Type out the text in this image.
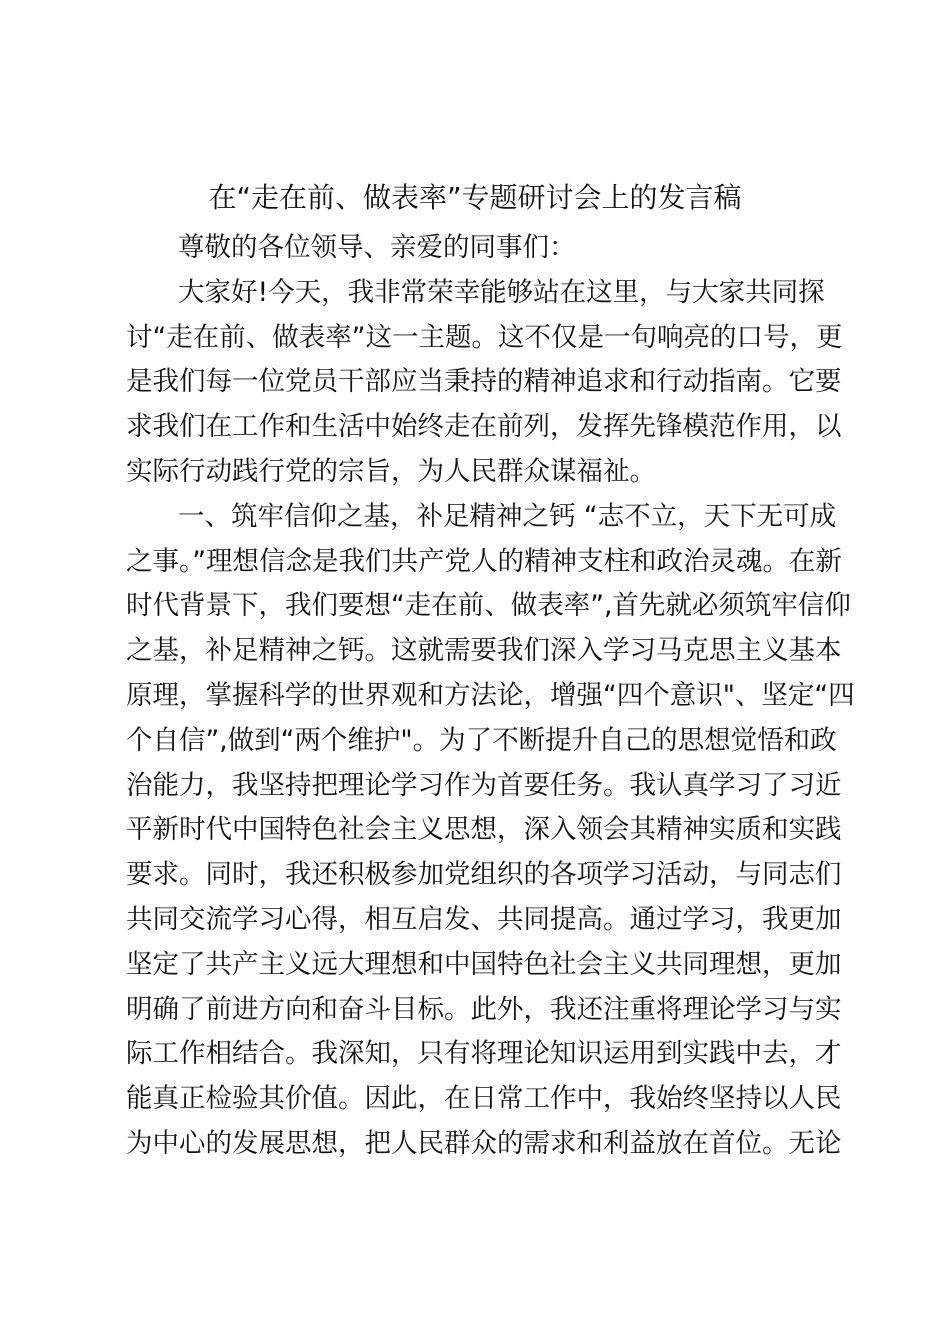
在“走在前、做表率”专题研讨会上的发言稿
尊敬的各位领导、亲爱的同事们：
大家好!今天，我非常荣幸能够站在这里，与大家共同探
讨“走在前、做表率”这一主题。这不仅是一句响亮的口号，更
是我们每一位党员干部应当秉持的精神追求和行动指南。它要
求我们在工作和生活中始终走在前列，发挥先锋模范作用，以
实际行动践行党的宗旨，为人民群众谋福祉。
一、筑牢信仰之基，补足精神之钙 “志不立，天下无可成
之事。”理想信念是我们共产党人的精神支柱和政治灵魂。在新
时代背景下，我们要想“走在前、做表率”,首先就必须筑牢信仰
之基，补足精神之钙。这就需要我们深入学习马克思主义基本
原理，掌握科学的世界观和方法论，增强“四个意识"、坚定“四
个自信”,做到“两个维护"。为了不断提升自己的思想觉悟和政
治能力，我坚持把理论学习作为首要任务。我认真学习了习近
平新时代中国特色社会主义思想，深入领会其精神实质和实践
要求。同时，我还积极参加党组织的各项学习活动，与同志们
共同交流学习心得，相互启发、共同提高。通过学习，我更加
坚定了共产主义远大理想和中国特色社会主义共同理想，更加
明确了前进方向和奋斗目标。此外，我还注重将理论学习与实
际工作相结合。我深知，只有将理论知识运用到实践中去，才
能真正检验其价值。因此，在日常工作中，我始终坚持以人民
为中心的发展思想，把人民群众的需求和利益放在首位。无论
